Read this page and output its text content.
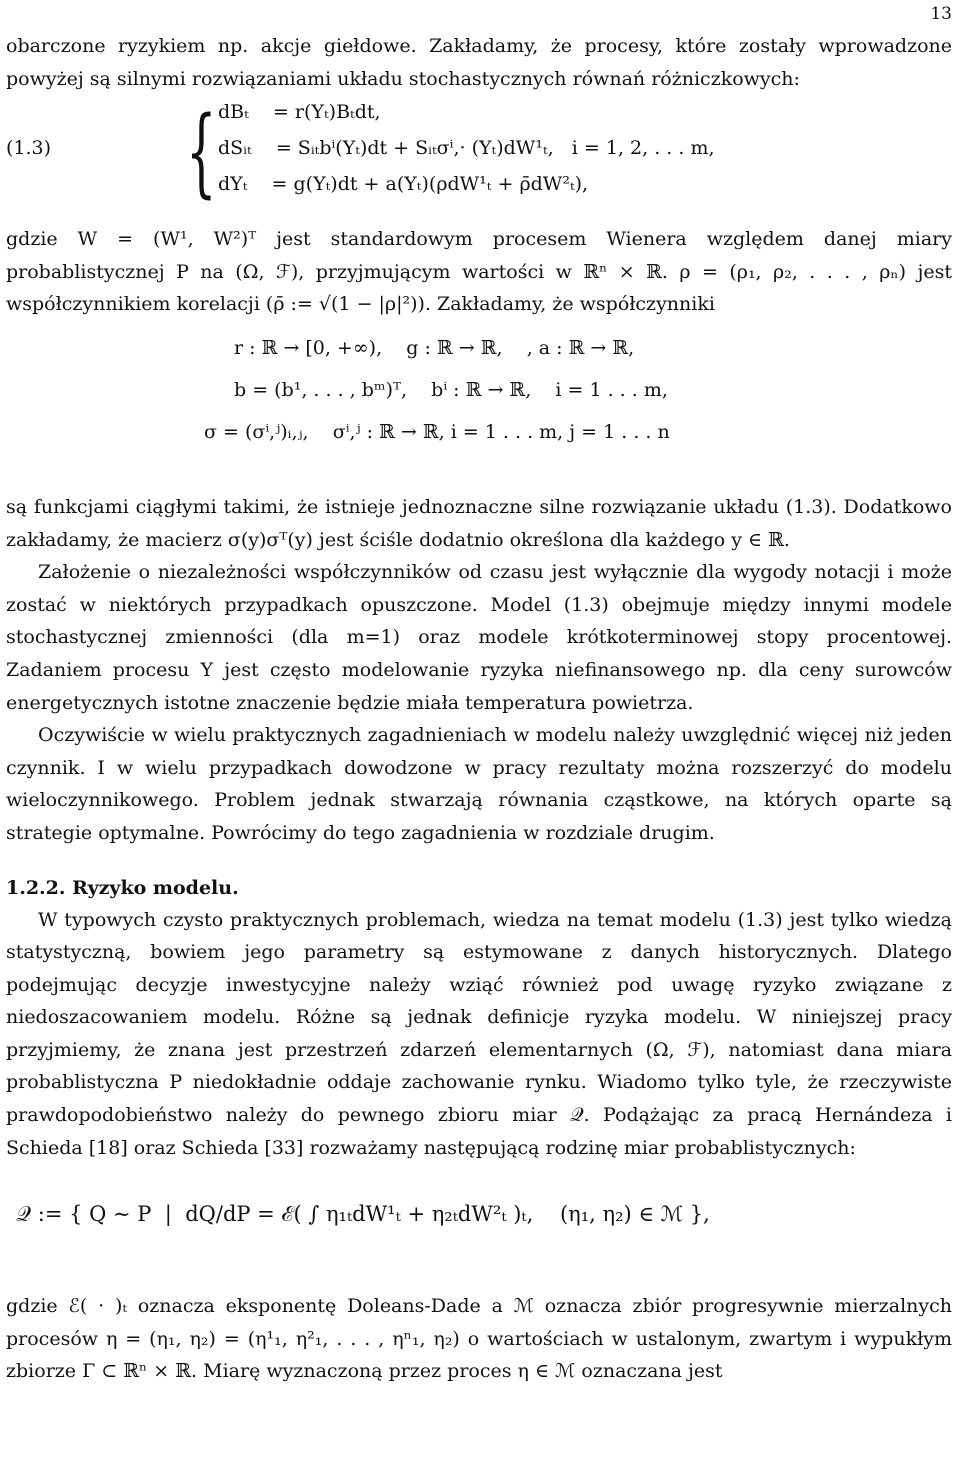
13

obarczone ryzykiem np. akcje giełdowe. Zakładamy, że procesy, które zostały wprowadzone powyżej są silnymi rozwiązaniami układu stochastycznych równań różniczkowych:

(1.3) { dBₜ    = r(Yₜ)Bₜdt,
dSᵢₜ    = Sᵢₜbⁱ(Yₜ)dt + Sᵢₜσⁱ,· (Yₜ)dW¹ₜ,   i = 1, 2, . . . m,
dYₜ    = g(Yₜ)dt + a(Yₜ)(ρdW¹ₜ + ρ̄dW²ₜ),

gdzie W = (W¹, W²)ᵀ jest standardowym procesem Wienera względem danej miary probablistycznej P na (Ω, ℱ), przyjmującym wartości w ℝⁿ × ℝ. ρ = (ρ₁, ρ₂, . . . , ρₙ) jest współczynnikiem korelacji (ρ̄ := √(1 − |ρ|²)). Zakładamy, że współczynniki

r : ℝ → [0, +∞),    g : ℝ → ℝ,    , a : ℝ → ℝ,
b = (b¹, . . . , bᵐ)ᵀ,    bⁱ : ℝ → ℝ,    i = 1 . . . m,
σ = (σⁱ,ʲ)ᵢ,ⱼ,    σⁱ,ʲ : ℝ → ℝ, i = 1 . . . m, j = 1 . . . n

są funkcjami ciągłymi takimi, że istnieje jednoznaczne silne rozwiązanie układu (1.3). Dodatkowo zakładamy, że macierz σ(y)σᵀ(y) jest ściśle dodatnio określona dla każdego y ∈ ℝ.

Założenie o niezależności współczynników od czasu jest wyłącznie dla wygody notacji i może zostać w niektórych przypadkach opuszczone. Model (1.3) obejmuje między innymi modele stochastycznej zmienności (dla m=1) oraz modele krótkoterminowej stopy procentowej. Zadaniem procesu Y jest często modelowanie ryzyka niefinansowego np. dla ceny surowców energetycznych istotne znaczenie będzie miała temperatura powietrza.

Oczywiście w wielu praktycznych zagadnieniach w modelu należy uwzględnić więcej niż jeden czynnik. I w wielu przypadkach dowodzone w pracy rezultaty można rozszerzyć do modelu wieloczynnikowego. Problem jednak stwarzają równania cząstkowe, na których oparte są strategie optymalne. Powrócimy do tego zagadnienia w rozdziale drugim.

1.2.2. Ryzyko modelu.

W typowych czysto praktycznych problemach, wiedza na temat modelu (1.3) jest tylko wiedzą statystyczną, bowiem jego parametry są estymowane z danych historycznych. Dlatego podejmując decyzje inwestycyjne należy wziąć również pod uwagę ryzyko związane z niedoszacowaniem modelu. Różne są jednak definicje ryzyka modelu. W niniejszej pracy przyjmiemy, że znana jest przestrzeń zdarzeń elementarnych (Ω, ℱ), natomiast dana miara probablistyczna P niedokładnie oddaje zachowanie rynku. Wiadomo tylko tyle, że rzeczywiste prawdopodobieństwo należy do pewnego zbioru miar 𝒬. Podążając za pracą Hernándeza i Schieda [18] oraz Schieda [33] rozważamy następującą rodzinę miar probablistycznych:

𝒬 := { Q ∼ P  |  dQ/dP = ℰ( ∫ η₁ₜdW¹ₜ + η₂ₜdW²ₜ )ₜ,    (η₁, η₂) ∈ ℳ },

gdzie ℰ( · )ₜ oznacza eksponentę Doleans-Dade a ℳ oznacza zbiór progresywnie mierzalnych procesów η = (η₁, η₂) = (η¹₁, η²₁, . . . , ηⁿ₁, η₂) o wartościach w ustalonym, zwartym i wypukłym zbiorze Γ ⊂ ℝⁿ × ℝ. Miarę wyznaczoną przez proces η ∈ ℳ oznaczana jest
